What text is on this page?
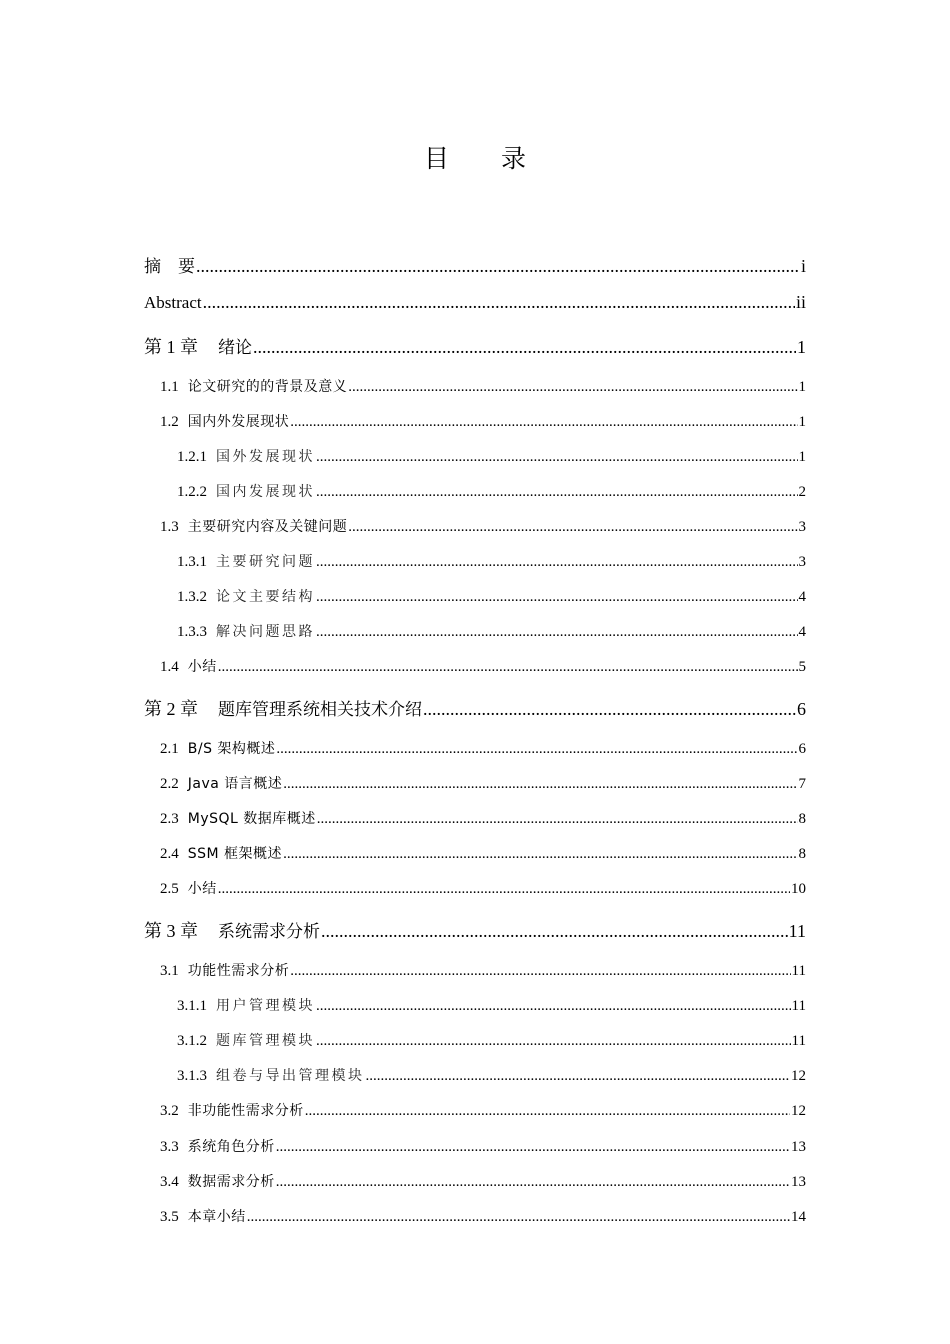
目 录
摘　要 .....	i
Abstract .....	ii
第 1 章 绪论 .....	1
1.1 论文研究的的背景及意义 .....	1
1.2 国内外发展现状 .....	1
1.2.1 国外发展现状 .....	1
1.2.2 国内发展现状 .....	2
1.3 主要研究内容及关键问题 .....	3
1.3.1 主要研究问题 .....	3
1.3.2 论文主要结构 .....	4
1.3.3 解决问题思路 .....	4
1.4 小结 .....	5
第 2 章 题库管理系统相关技术介绍 .....	6
2.1 B/S 架构概述 .....	6
2.2 Java 语言概述 .....	7
2.3 MySQL 数据库概述 .....	8
2.4 SSM 框架概述 .....	8
2.5 小结 .....	10
第 3 章 系统需求分析 .....	11
3.1 功能性需求分析 .....	11
3.1.1 用户管理模块 .....	11
3.1.2 题库管理模块 .....	11
3.1.3 组卷与导出管理模块 .....	12
3.2 非功能性需求分析 .....	12
3.3 系统角色分析 .....	13
3.4 数据需求分析 .....	13
3.5 本章小结 .....	14
